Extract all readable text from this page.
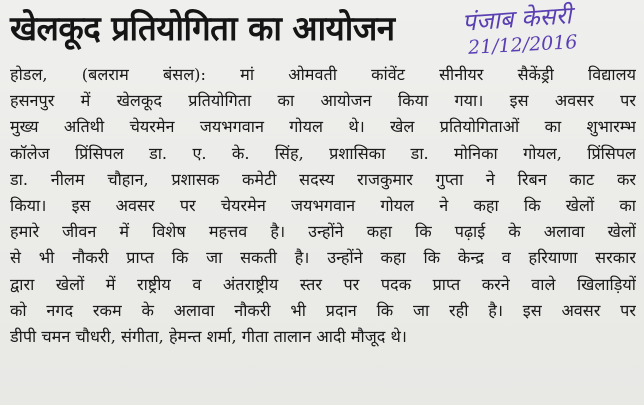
खेलकूद प्रतियोगिता का आयोजन	पंजाब केसरी
21/12/2016
होडल, (बलराम बंसल): मां ओमवती कांवेंट सीनीयर सैकेंड्री विद्यालय
हसनपुर में खेलकूद प्रतियोगिता का आयोजन किया गया। इस अवसर पर
मुख्य अतिथी चेयरमेन जयभगवान गोयल थे। खेल प्रतियोगिताओं का शुभारम्भ
कॉलेज प्रिंसिपल डा. ए. के. सिंह, प्रशासिका डा. मोनिका गोयल, प्रिंसिपल
डा. नीलम चौहान, प्रशासक कमेटी सदस्य राजकुमार गुप्ता ने रिबन काट कर
किया। इस अवसर पर चेयरमेन जयभगवान गोयल ने कहा कि खेलों का
हमारे जीवन में विशेष महत्तव है। उन्होंने कहा कि पढ़ाई के अलावा खेलों
से भी नौकरी प्राप्त कि जा सकती है। उन्होंने कहा कि केन्द्र व हरियाणा सरकार
द्वारा खेलों में राष्ट्रीय व अंतराष्ट्रीय स्तर पर पदक प्राप्त करने वाले खिलाड़ियों
को नगद रकम के अलावा नौकरी भी प्रदान कि जा रही है। इस अवसर पर
डीपी चमन चौधरी, संगीता, हेमन्त शर्मा, गीता तालान आदी मौजूद थे।
